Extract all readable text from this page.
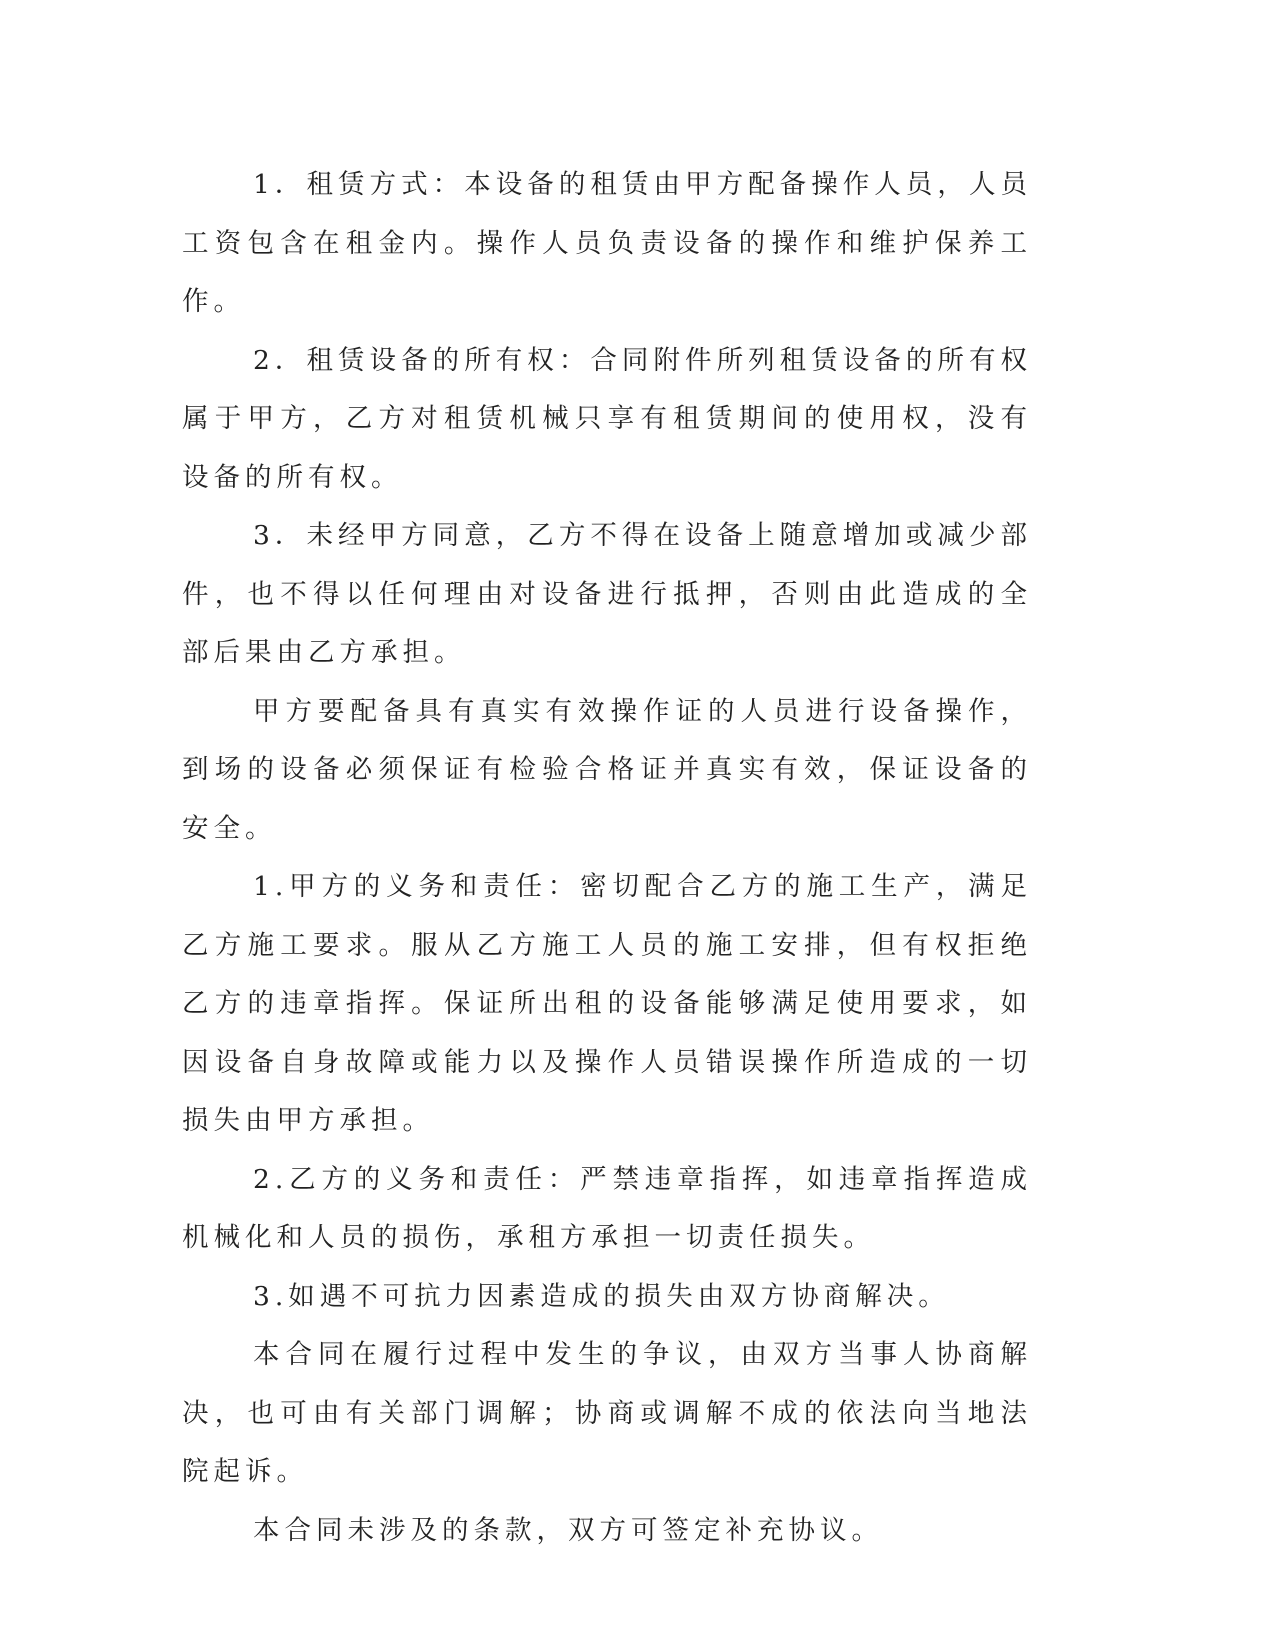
1．租赁方式：本设备的租赁由甲方配备操作人员，人员工资包含在租金内。操作人员负责设备的操作和维护保养工作。

2．租赁设备的所有权：合同附件所列租赁设备的所有权属于甲方，乙方对租赁机械只享有租赁期间的使用权，没有设备的所有权。

3．未经甲方同意，乙方不得在设备上随意增加或减少部件，也不得以任何理由对设备进行抵押，否则由此造成的全部后果由乙方承担。

甲方要配备具有真实有效操作证的人员进行设备操作，到场的设备必须保证有检验合格证并真实有效，保证设备的安全。

1.甲方的义务和责任：密切配合乙方的施工生产，满足乙方施工要求。服从乙方施工人员的施工安排，但有权拒绝乙方的违章指挥。保证所出租的设备能够满足使用要求，如因设备自身故障或能力以及操作人员错误操作所造成的一切损失由甲方承担。

2.乙方的义务和责任：严禁违章指挥，如违章指挥造成机械化和人员的损伤，承租方承担一切责任损失。

3.如遇不可抗力因素造成的损失由双方协商解决。

本合同在履行过程中发生的争议，由双方当事人协商解决，也可由有关部门调解；协商或调解不成的依法向当地法院起诉。

本合同未涉及的条款，双方可签定补充协议。
